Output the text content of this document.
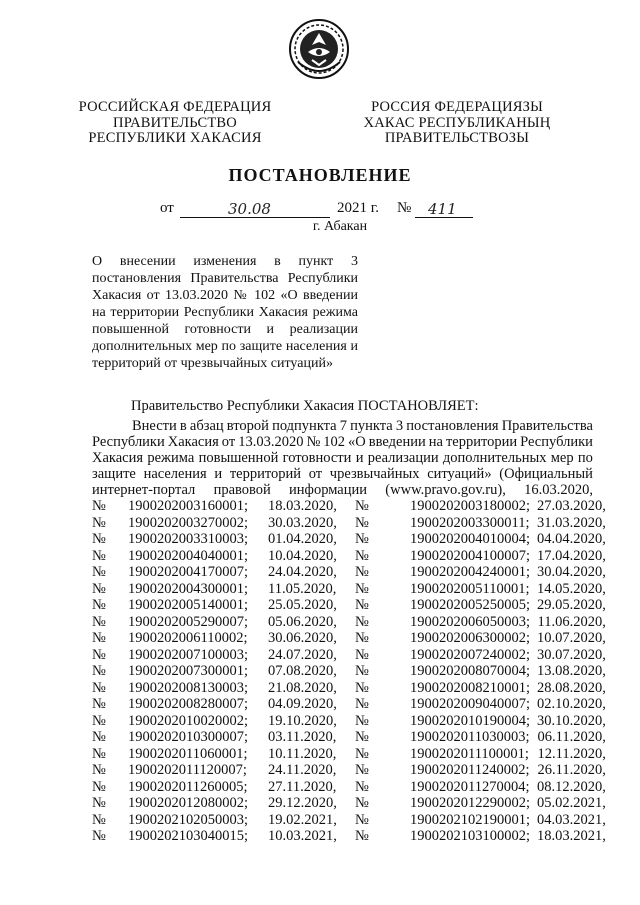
РОССИЙСКАЯ ФЕДЕРАЦИЯ
ПРАВИТЕЛЬСТВО
РЕСПУБЛИКИ ХАКАСИЯ
РОССИЯ ФЕДЕРАЦИЯЗЫ
ХАКАС РЕСПУБЛИКАНЫҢ
ПРАВИТЕЛЬСТВОЗЫ
ПОСТАНОВЛЕНИЕ
от	30.08	2021 г. № 411
г. Абакан
О внесении изменения в пункт 3
постановления Правительства Республики
Хакасия от 13.03.2020 № 102 «О введении
на территории Республики Хакасия режима
повышенной готовности и реализации
дополнительных мер по защите населения и
территорий от чрезвычайных ситуаций»
Правительство Республики Хакасия ПОСТАНОВЛЯЕТ:
Внести в абзац второй подпункта 7 пункта 3 постановления Правительства
Республики Хакасия от 13.03.2020 № 102 «О введении на территории Республики
Хакасия режима повышенной готовности и реализации дополнительных мер по
защите населения и территорий от чрезвычайных ситуаций» (Официальный
интернет-портал правовой информации (www.pravo.gov.ru), 16.03.2020,
№	1900202003160001;	18.03.2020,	№	1900202003180002;	27.03.2020,
№	1900202003270002;	30.03.2020,	№	1900202003300011;	31.03.2020,
№	1900202003310003;	01.04.2020,	№	1900202004010004;	04.04.2020,
№	1900202004040001;	10.04.2020,	№	1900202004100007;	17.04.2020,
№	1900202004170007;	24.04.2020,	№	1900202004240001;	30.04.2020,
№	1900202004300001;	11.05.2020,	№	1900202005110001;	14.05.2020,
№	1900202005140001;	25.05.2020,	№	1900202005250005;	29.05.2020,
№	1900202005290007;	05.06.2020,	№	1900202006050003;	11.06.2020,
№	1900202006110002;	30.06.2020,	№	1900202006300002;	10.07.2020,
№	1900202007100003;	24.07.2020,	№	1900202007240002;	30.07.2020,
№	1900202007300001;	07.08.2020,	№	1900202008070004;	13.08.2020,
№	1900202008130003;	21.08.2020,	№	1900202008210001;	28.08.2020,
№	1900202008280007;	04.09.2020,	№	1900202009040007;	02.10.2020,
№	1900202010020002;	19.10.2020,	№	1900202010190004;	30.10.2020,
№	1900202010300007;	03.11.2020,	№	1900202011030003;	06.11.2020,
№	1900202011060001;	10.11.2020,	№	1900202011100001;	12.11.2020,
№	1900202011120007;	24.11.2020,	№	1900202011240002;	26.11.2020,
№	1900202011260005;	27.11.2020,	№	1900202011270004;	08.12.2020,
№	1900202012080002;	29.12.2020,	№	1900202012290002;	05.02.2021,
№	1900202102050003;	19.02.2021,	№	1900202102190001;	04.03.2021,
№	1900202103040015;	10.03.2021,	№	1900202103100002;	18.03.2021,
